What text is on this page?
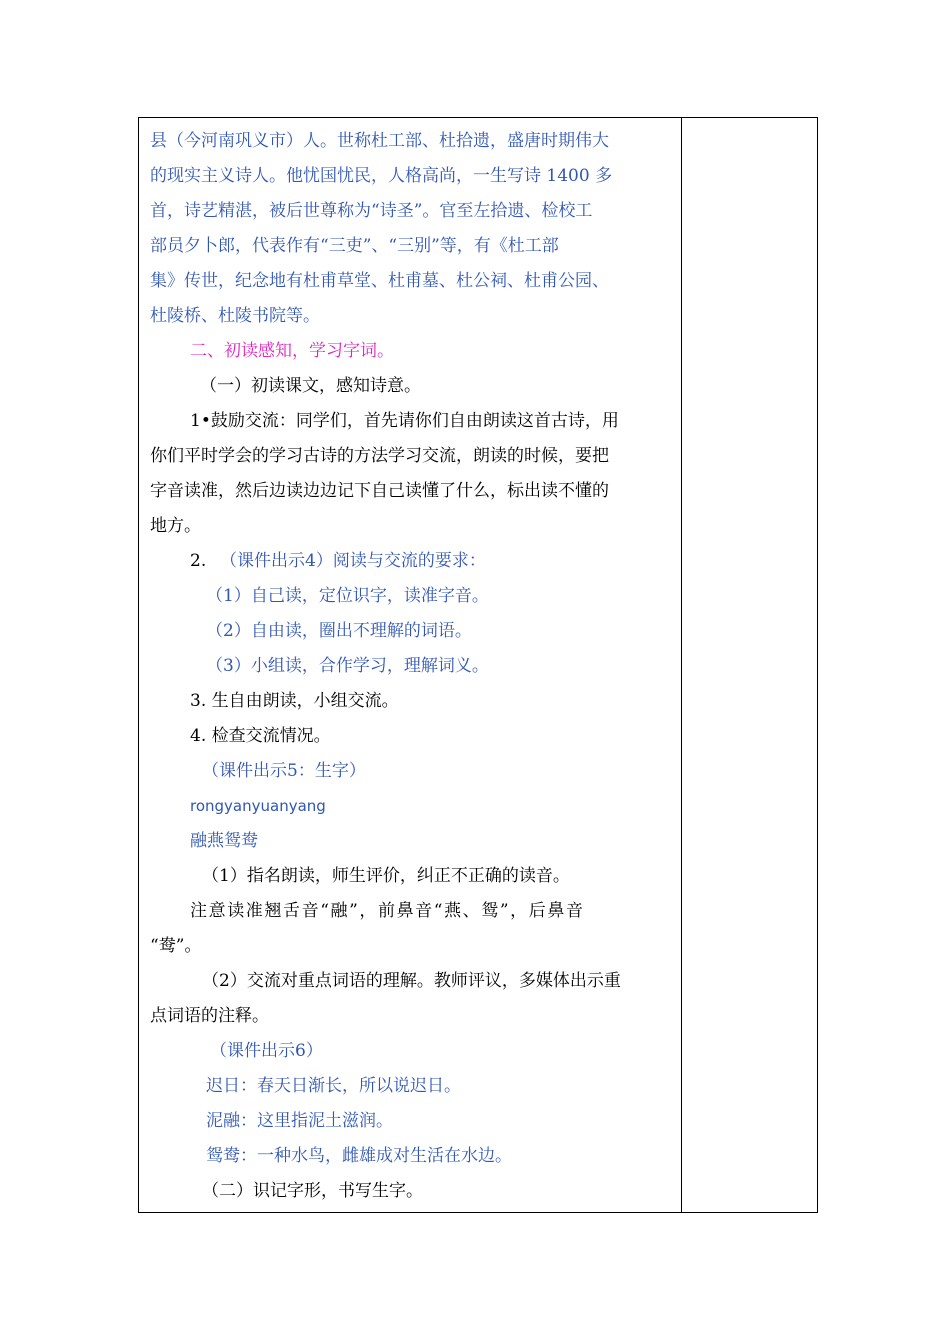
县（今河南巩义市）人。世称杜工部、杜拾遗，盛唐时期伟大
的现实主义诗人。他忧国忧民，人格高尚，一生写诗 1400 多
首，诗艺精湛，被后世尊称为“诗圣”。官至左拾遗、检校工
部员夕卜郎，代表作有“三吏”、“三别”等，有《杜工部
集》传世，纪念地有杜甫草堂、杜甫墓、杜公祠、杜甫公园、
杜陵桥、杜陵书院等。
二、初读感知，学习字词。
（一）初读课文，感知诗意。
1•鼓励交流：同学们，首先请你们自由朗读这首古诗，用
你们平时学会的学习古诗的方法学习交流，朗读的时候，要把
字音读准，然后边读边边记下自己读懂了什么，标出读不懂的
地方。
2. （课件出示4）阅读与交流的要求：
（1）自己读，定位识字，读准字音。
（2）自由读，圈出不理解的词语。
（3）小组读，合作学习，理解词义。
3. 生自由朗读，小组交流。
4. 检查交流情况。
（课件出示5：生字）
rongyanyuanyang
融燕鸳鸯
（1）指名朗读，师生评价，纠正不正确的读音。
注意读准翘舌音“融”，前鼻音“燕、鸳”，后鼻音
“鸯”。
（2）交流对重点词语的理解。教师评议，多媒体出示重
点词语的注释。
（课件出示6）
迟日：春天日渐长，所以说迟日。
泥融：这里指泥土滋润。
鸳鸯：一种水鸟，雌雄成对生活在水边。
（二）识记字形，书写生字。
